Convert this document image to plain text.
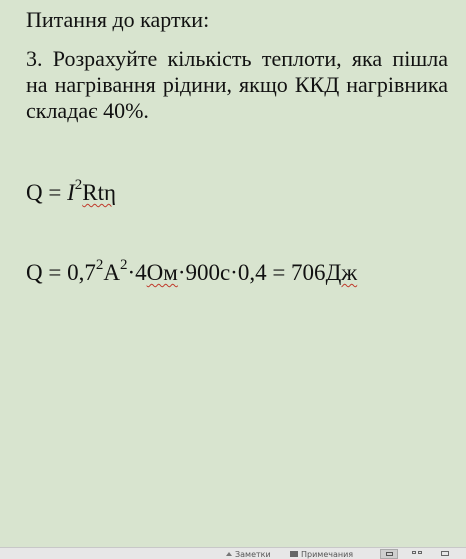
Питання до картки:
3. Розрахуйте кількість теплоти, яка пішла на нагрівання рідини, якщо ККД нагрівника складає 40%.
$Q = I^2Rt\eta$
$Q = 0,7^2A^2\cdot 4Ом\cdot 900с\cdot 0,4 = 706Дж$
Заметки	Примечания
